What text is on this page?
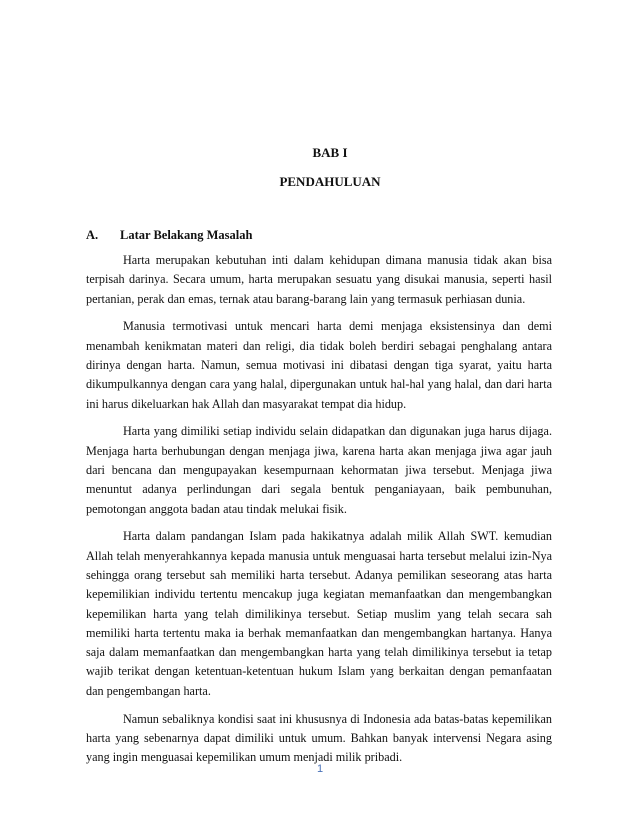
BAB I
PENDAHULUAN
A. Latar Belakang Masalah

Harta merupakan kebutuhan inti dalam kehidupan dimana manusia tidak akan bisa terpisah darinya. Secara umum, harta merupakan sesuatu yang disukai manusia, seperti hasil pertanian, perak dan emas, ternak atau barang-barang lain yang termasuk perhiasan dunia.

Manusia termotivasi untuk mencari harta demi menjaga eksistensinya dan demi menambah kenikmatan materi dan religi, dia tidak boleh berdiri sebagai penghalang antara dirinya dengan harta. Namun, semua motivasi ini dibatasi dengan tiga syarat, yaitu harta dikumpulkannya dengan cara yang halal, dipergunakan untuk hal-hal yang halal, dan dari harta ini harus dikeluarkan hak Allah dan masyarakat tempat dia hidup.

Harta yang dimiliki setiap individu selain didapatkan dan digunakan juga harus dijaga. Menjaga harta berhubungan dengan menjaga jiwa, karena harta akan menjaga jiwa agar jauh dari bencana dan mengupayakan kesempurnaan kehormatan jiwa tersebut. Menjaga jiwa menuntut adanya perlindungan dari segala bentuk penganiayaan, baik pembunuhan, pemotongan anggota badan atau tindak melukai fisik.

Harta dalam pandangan Islam pada hakikatnya adalah milik Allah SWT. kemudian Allah telah menyerahkannya kepada manusia untuk menguasai harta tersebut melalui izin-Nya sehingga orang tersebut sah memiliki harta tersebut. Adanya pemilikan seseorang atas harta kepemilikian individu tertentu mencakup juga kegiatan memanfaatkan dan mengembangkan kepemilikan harta yang telah dimilikinya tersebut. Setiap muslim yang telah secara sah memiliki harta tertentu maka ia berhak memanfaatkan dan mengembangkan hartanya. Hanya saja dalam memanfaatkan dan mengembangkan harta yang telah dimilikinya tersebut ia tetap wajib terikat dengan ketentuan-ketentuan hukum Islam yang berkaitan dengan pemanfaatan dan pengembangan harta.

Namun sebaliknya kondisi saat ini khususnya di Indonesia ada batas-batas kepemilikan harta yang sebenarnya dapat dimiliki untuk umum. Bahkan banyak intervensi Negara asing yang ingin menguasai kepemilikan umum menjadi milik pribadi.

1
